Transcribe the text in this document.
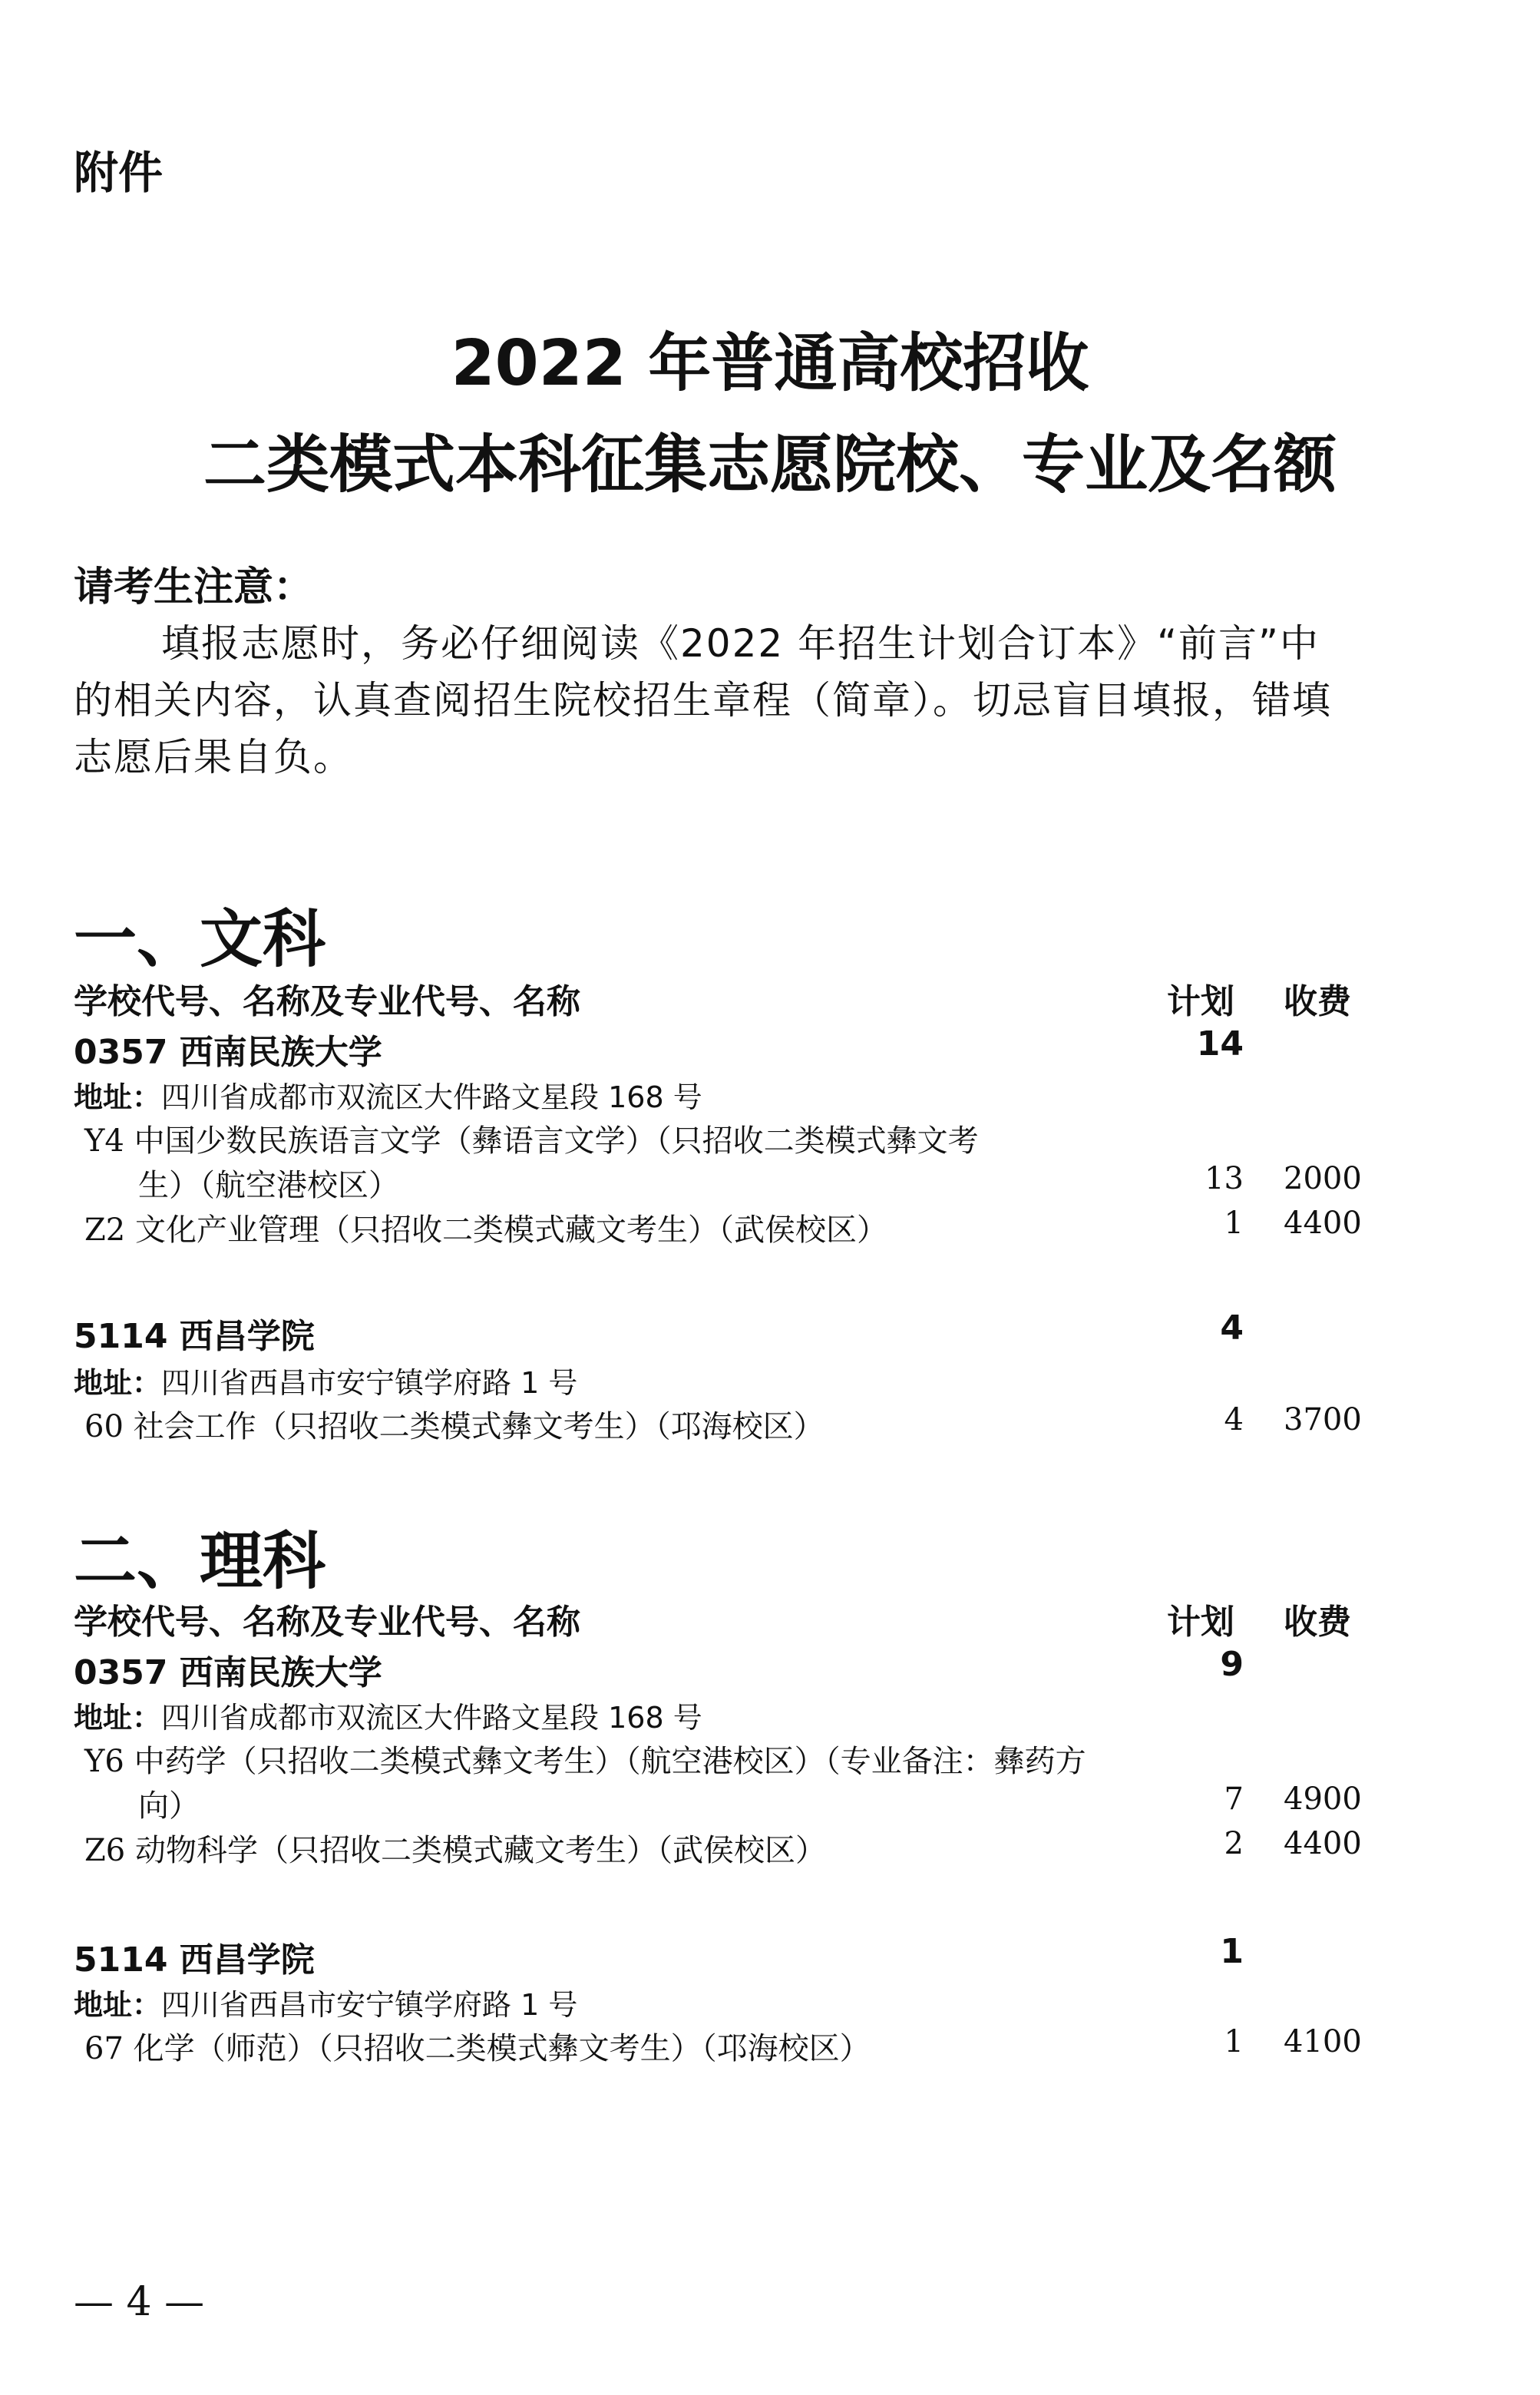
附件
2022 年普通高校招收
二类模式本科征集志愿院校、专业及名额
请考生注意：
填报志愿时，务必仔细阅读《2022 年招生计划合订本》“前言”中
的相关内容，认真查阅招生院校招生章程（简章）。切忌盲目填报，错填
志愿后果自负。
一、文科
学校代号、名称及专业代号、名称	计划 收费
0357 西南民族大学	14
地址：四川省成都市双流区大件路文星段 168 号
Y4 中国少数民族语言文学（彝语言文学）（只招收二类模式彝文考
生）（航空港校区）	13 2000
Z2 文化产业管理（只招收二类模式藏文考生）（武侯校区）	1 4400
5114 西昌学院	4
地址：四川省西昌市安宁镇学府路 1 号
60 社会工作（只招收二类模式彝文考生）（邛海校区）	4 3700
二、理科
学校代号、名称及专业代号、名称	计划 收费
0357 西南民族大学	9
地址：四川省成都市双流区大件路文星段 168 号
Y6 中药学（只招收二类模式彝文考生）（航空港校区）（专业备注：彝药方
向）	7 4900
Z6 动物科学（只招收二类模式藏文考生）（武侯校区）	2 4400
5114 西昌学院	1
地址：四川省西昌市安宁镇学府路 1 号
67 化学（师范）（只招收二类模式彝文考生）（邛海校区）	1 4100
— 4 —
